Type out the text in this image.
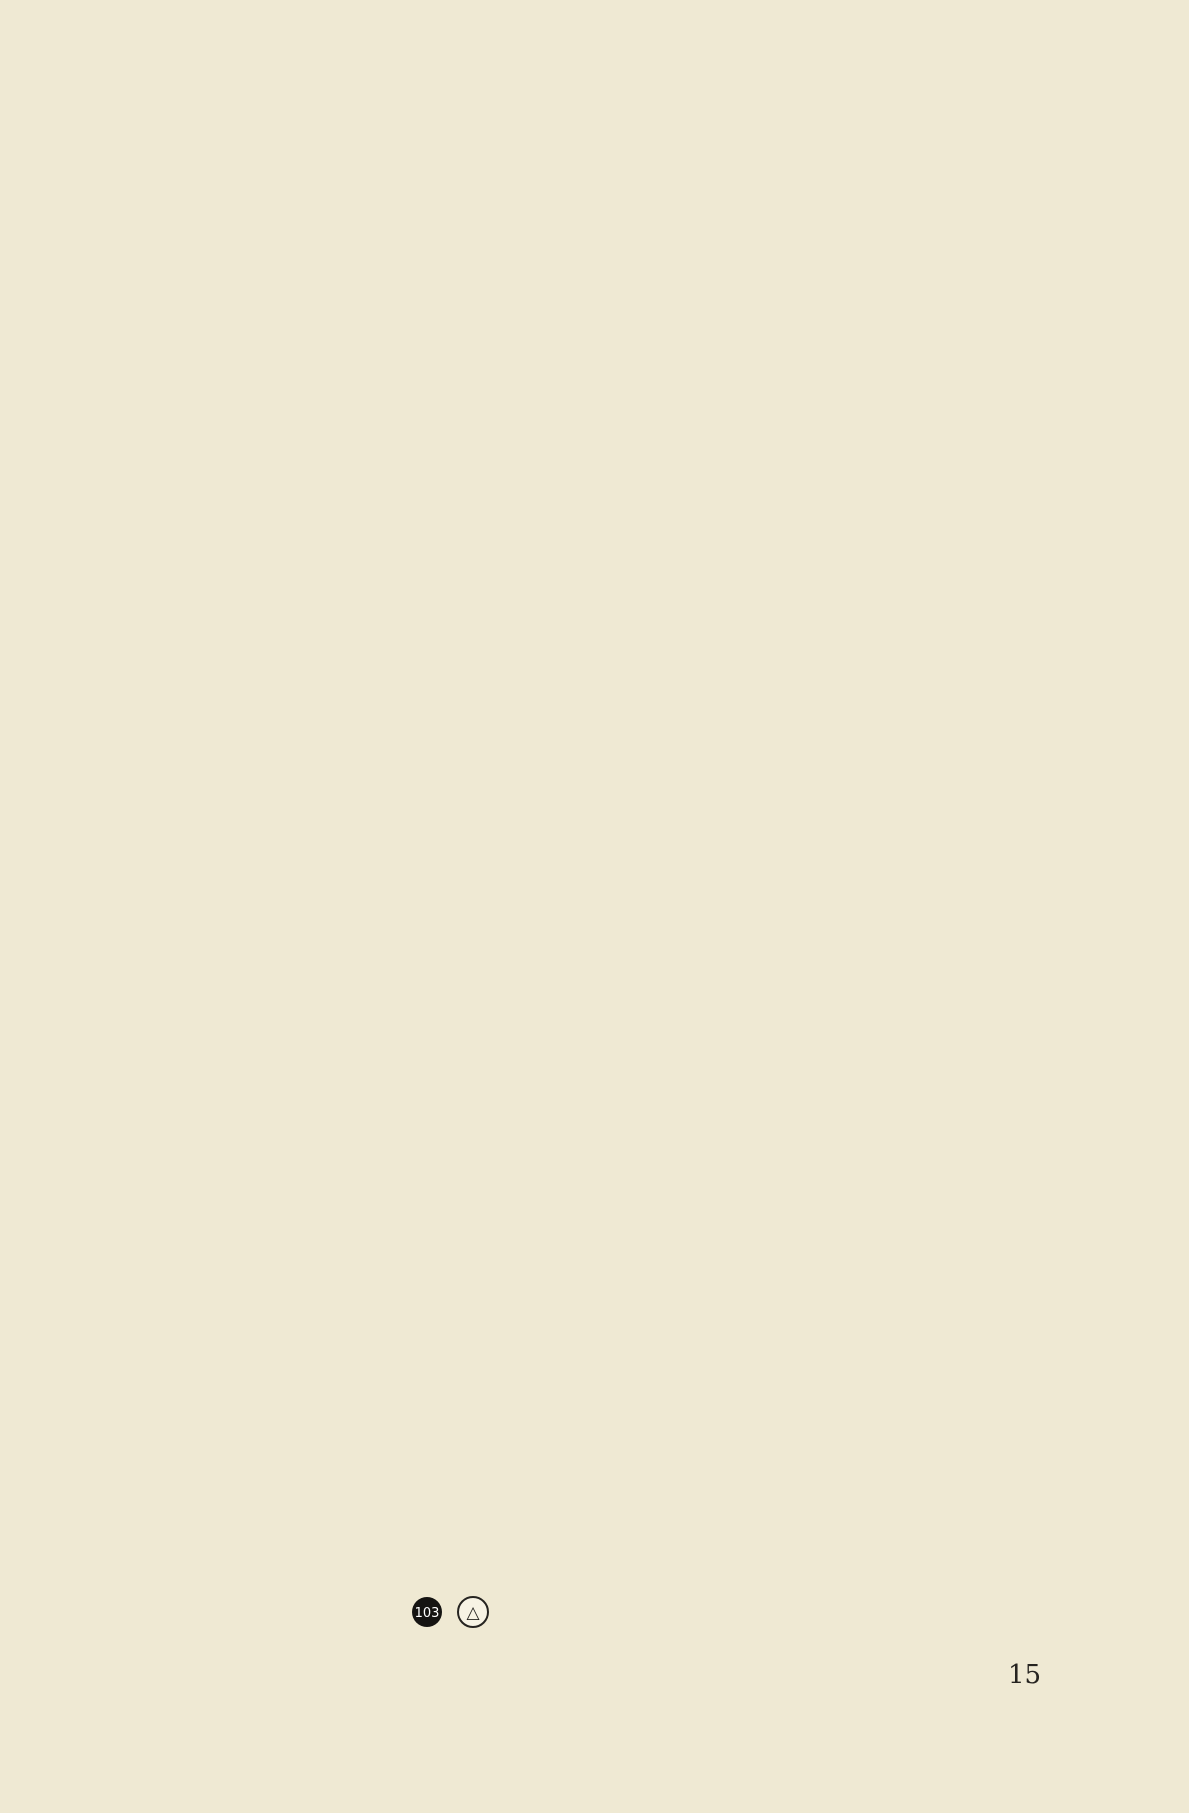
103 △
15
